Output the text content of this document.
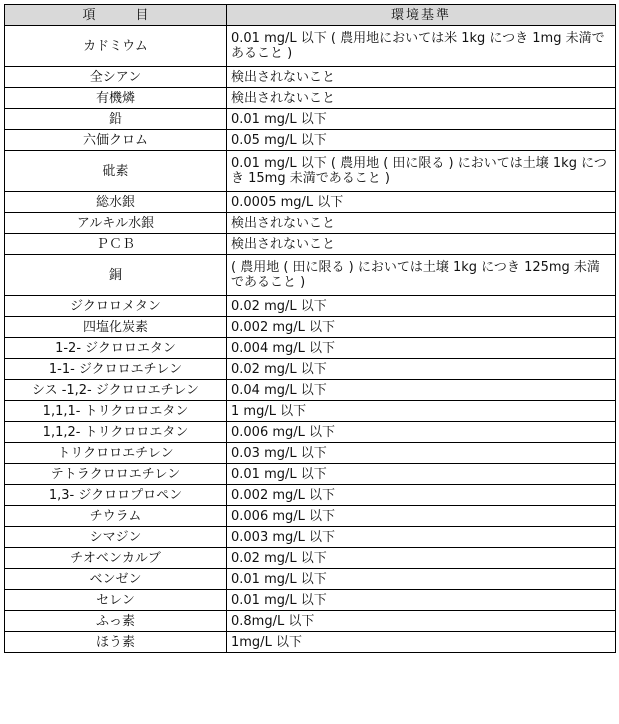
項 目	環境基準
カドミウム	0.01 mg/L 以下 ( 農用地においては米 1kg につき 1mg 未満であること )
全シアン	検出されないこと
有機燐	検出されないこと
鉛	0.01 mg/L 以下
六価クロム	0.05 mg/L 以下
砒素	0.01 mg/L 以下 ( 農用地 ( 田に限る ) においては土壌 1kg につき 15mg 未満であること )
総水銀	0.0005 mg/L 以下
アルキル水銀	検出されないこと
ＰＣＢ	検出されないこと
銅	( 農用地 ( 田に限る ) においては土壌 1kg につき 125mg 未満であること )
ジクロロメタン	0.02 mg/L 以下
四塩化炭素	0.002 mg/L 以下
1-2- ジクロロエタン	0.004 mg/L 以下
1-1- ジクロロエチレン	0.02 mg/L 以下
シス -1,2- ジクロロエチレン	0.04 mg/L 以下
1,1,1- トリクロロエタン	1 mg/L 以下
1,1,2- トリクロロエタン	0.006 mg/L 以下
トリクロロエチレン	0.03 mg/L 以下
テトラクロロエチレン	0.01 mg/L 以下
1,3- ジクロロプロペン	0.002 mg/L 以下
チウラム	0.006 mg/L 以下
シマジン	0.003 mg/L 以下
チオベンカルブ	0.02 mg/L 以下
ベンゼン	0.01 mg/L 以下
セレン	0.01 mg/L 以下
ふっ素	0.8mg/L 以下
ほう素	1mg/L 以下
